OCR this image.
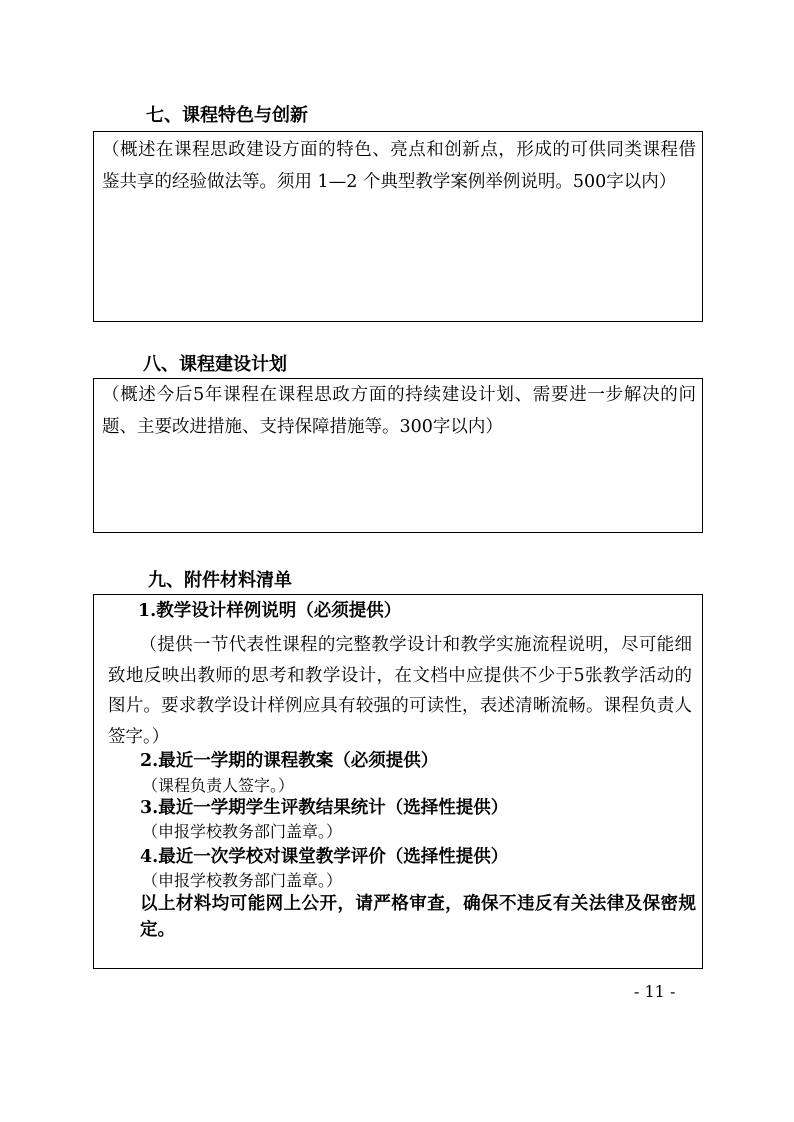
七、课程特色与创新

（概述在课程思政建设方面的特色、亮点和创新点，形成的可供同类课程借鉴共享的经验做法等。须用 1—2 个典型教学案例举例说明。500字以内）

八、课程建设计划

（概述今后5年课程在课程思政方面的持续建设计划、需要进一步解决的问题、主要改进措施、支持保障措施等。300字以内）

九、附件材料清单

1.教学设计样例说明（必须提供）

（提供一节代表性课程的完整教学设计和教学实施流程说明，尽可能细致地反映出教师的思考和教学设计，在文档中应提供不少于5张教学活动的图片。要求教学设计样例应具有较强的可读性，表述清晰流畅。课程负责人签字。）

2.最近一学期的课程教案（必须提供）

（课程负责人签字。）

3.最近一学期学生评教结果统计（选择性提供）

（申报学校教务部门盖章。）

4.最近一次学校对课堂教学评价（选择性提供）

（申报学校教务部门盖章。）

以上材料均可能网上公开，请严格审查，确保不违反有关法律及保密规定。

- 11 -
